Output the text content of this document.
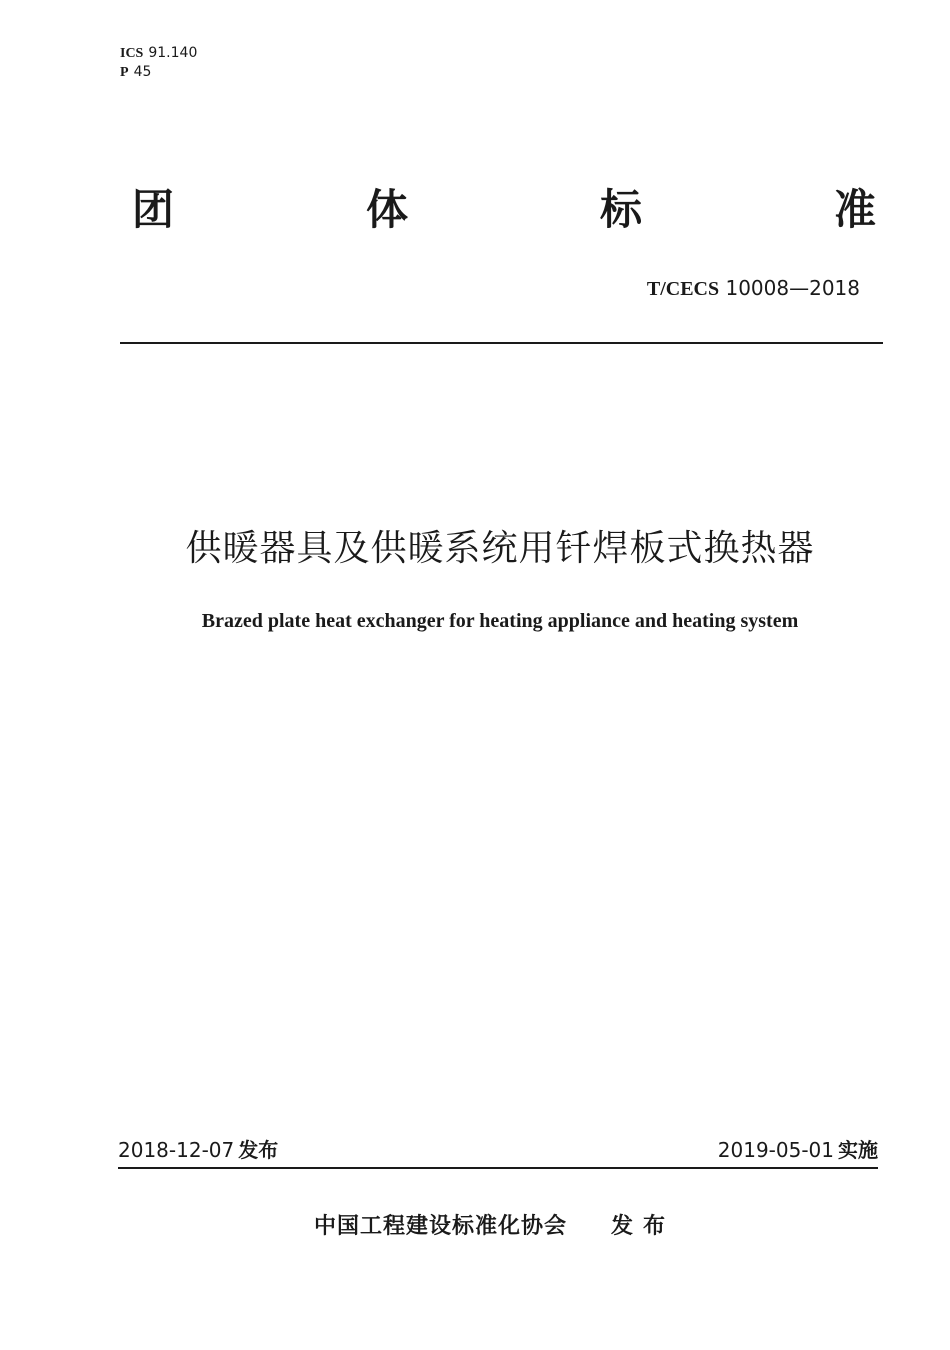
ICS 91.140
P 45
团	体	标	准
T/CECS 10008—2018
供暖器具及供暖系统用钎焊板式换热器
Brazed plate heat exchanger for heating appliance and heating system
2018-12-07 发布	2019-05-01 实施
中国工程建设标准化协会 发布
